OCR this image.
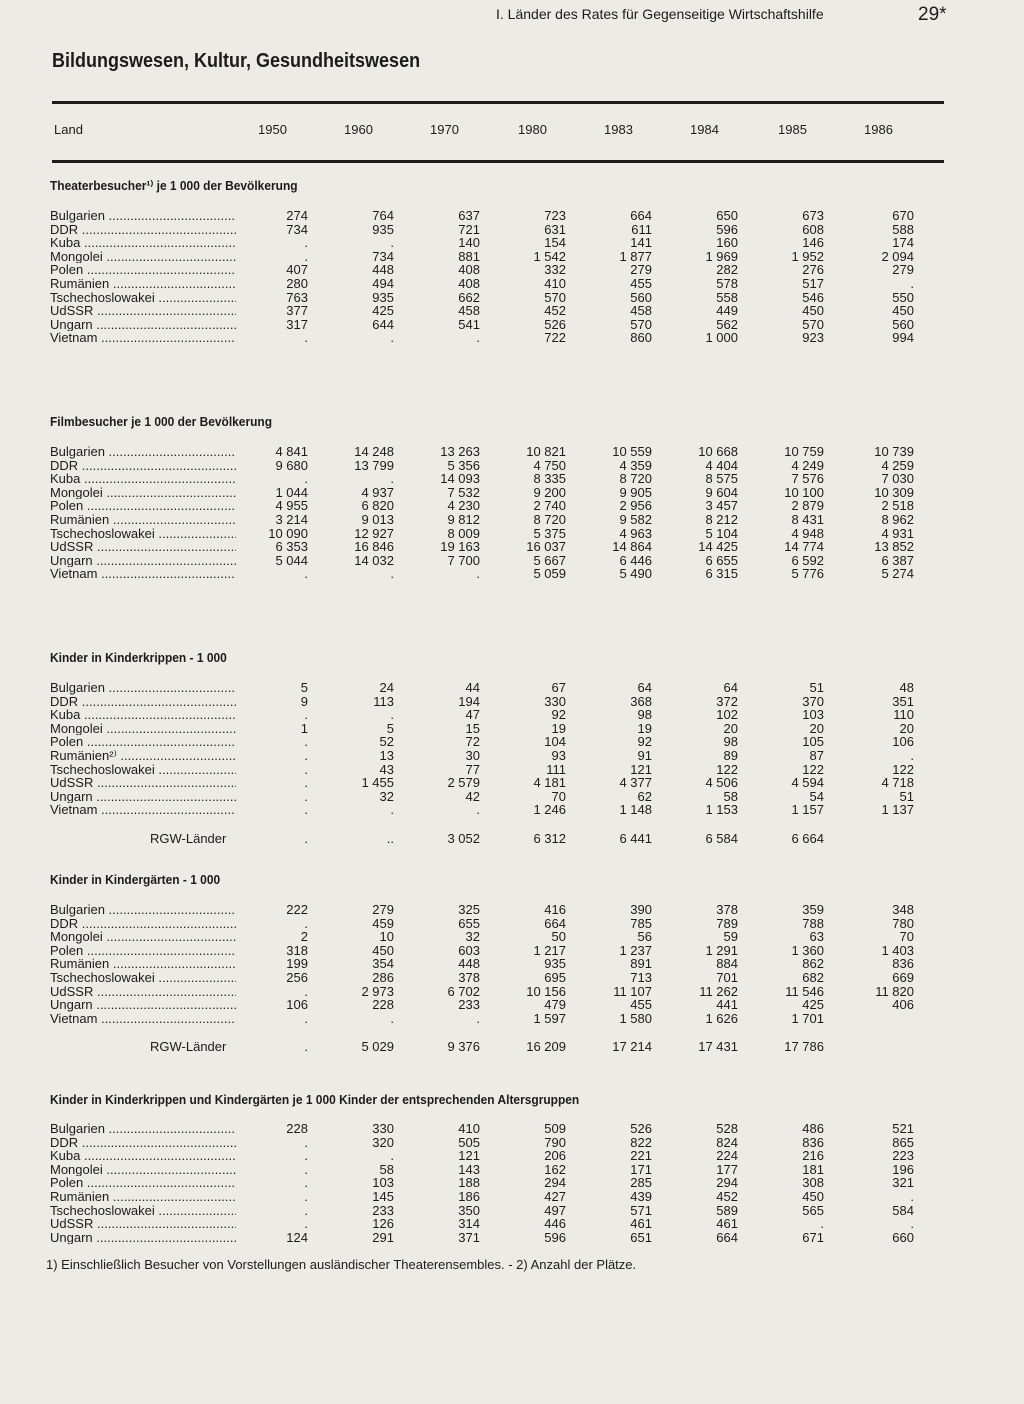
I. Länder des Rates für Gegenseitige Wirtschaftshilfe	29*
Bildungswesen, Kultur, Gesundheitswesen
Land	1950	1960	1970	1980	1983	1984	1985	1986
Theaterbesucher¹⁾ je 1 000 der Bevölkerung
Bulgarien .....	274	764	637	723	664	650	673	670
DDR .....	734	935	721	631	611	596	608	588
Kuba .....	.	.	140	154	141	160	146	174
Mongolei .....	.	734	881	1 542	1 877	1 969	1 952	2 094
Polen .....	407	448	408	332	279	282	276	279
Rumänien .....	280	494	408	410	455	578	517	.
Tschechoslowakei .....	763	935	662	570	560	558	546	550
UdSSR .....	377	425	458	452	458	449	450	450
Ungarn .....	317	644	541	526	570	562	570	560
Vietnam .....	.	.	.	722	860	1 000	923	994
Filmbesucher je 1 000 der Bevölkerung
Bulgarien .....	4 841	14 248	13 263	10 821	10 559	10 668	10 759	10 739
DDR .....	9 680	13 799	5 356	4 750	4 359	4 404	4 249	4 259
Kuba .....	.	.	14 093	8 335	8 720	8 575	7 576	7 030
Mongolei .....	1 044	4 937	7 532	9 200	9 905	9 604	10 100	10 309
Polen .....	4 955	6 820	4 230	2 740	2 956	3 457	2 879	2 518
Rumänien .....	3 214	9 013	9 812	8 720	9 582	8 212	8 431	8 962
Tschechoslowakei .....	10 090	12 927	8 009	5 375	4 963	5 104	4 948	4 931
UdSSR .....	6 353	16 846	19 163	16 037	14 864	14 425	14 774	13 852
Ungarn .....	5 044	14 032	7 700	5 667	6 446	6 655	6 592	6 387
Vietnam .....	.	.	.	5 059	5 490	6 315	5 776	5 274
Kinder in Kinderkrippen - 1 000
Bulgarien .....	5	24	44	67	64	64	51	48
DDR .....	9	113	194	330	368	372	370	351
Kuba .....	.	.	47	92	98	102	103	110
Mongolei .....	1	5	15	19	19	20	20	20
Polen .....	.	52	72	104	92	98	105	106
Rumänien²⁾ .....	.	13	30	93	91	89	87	.
Tschechoslowakei .....	.	43	77	111	121	122	122	122
UdSSR .....	.	1 455	2 579	4 181	4 377	4 506	4 594	4 718
Ungarn .....	.	32	42	70	62	58	54	51
Vietnam .....	.	.	.	1 246	1 148	1 153	1 157	1 137
RGW-Länder	.	..	3 052	6 312	6 441	6 584	6 664
Kinder in Kindergärten - 1 000
Bulgarien .....	222	279	325	416	390	378	359	348
DDR .....	.	459	655	664	785	789	788	780
Mongolei .....	2	10	32	50	56	59	63	70
Polen .....	318	450	603	1 217	1 237	1 291	1 360	1 403
Rumänien .....	199	354	448	935	891	884	862	836
Tschechoslowakei .....	256	286	378	695	713	701	682	669
UdSSR .....	.	2 973	6 702	10 156	11 107	11 262	11 546	11 820
Ungarn .....	106	228	233	479	455	441	425	406
Vietnam .....	.	.	.	1 597	1 580	1 626	1 701
RGW-Länder	.	5 029	9 376	16 209	17 214	17 431	17 786
Kinder in Kinderkrippen und Kindergärten je 1 000 Kinder der entsprechenden Altersgruppen
Bulgarien .....	228	330	410	509	526	528	486	521
DDR .....	.	320	505	790	822	824	836	865
Kuba .....	.	.	121	206	221	224	216	223
Mongolei .....	.	58	143	162	171	177	181	196
Polen .....	.	103	188	294	285	294	308	321
Rumänien .....	.	145	186	427	439	452	450	.
Tschechoslowakei .....	.	233	350	497	571	589	565	584
UdSSR .....	.	126	314	446	461	461	.	.
Ungarn .....	124	291	371	596	651	664	671	660
1) Einschließlich Besucher von Vorstellungen ausländischer Theaterensembles. - 2) Anzahl der Plätze.
